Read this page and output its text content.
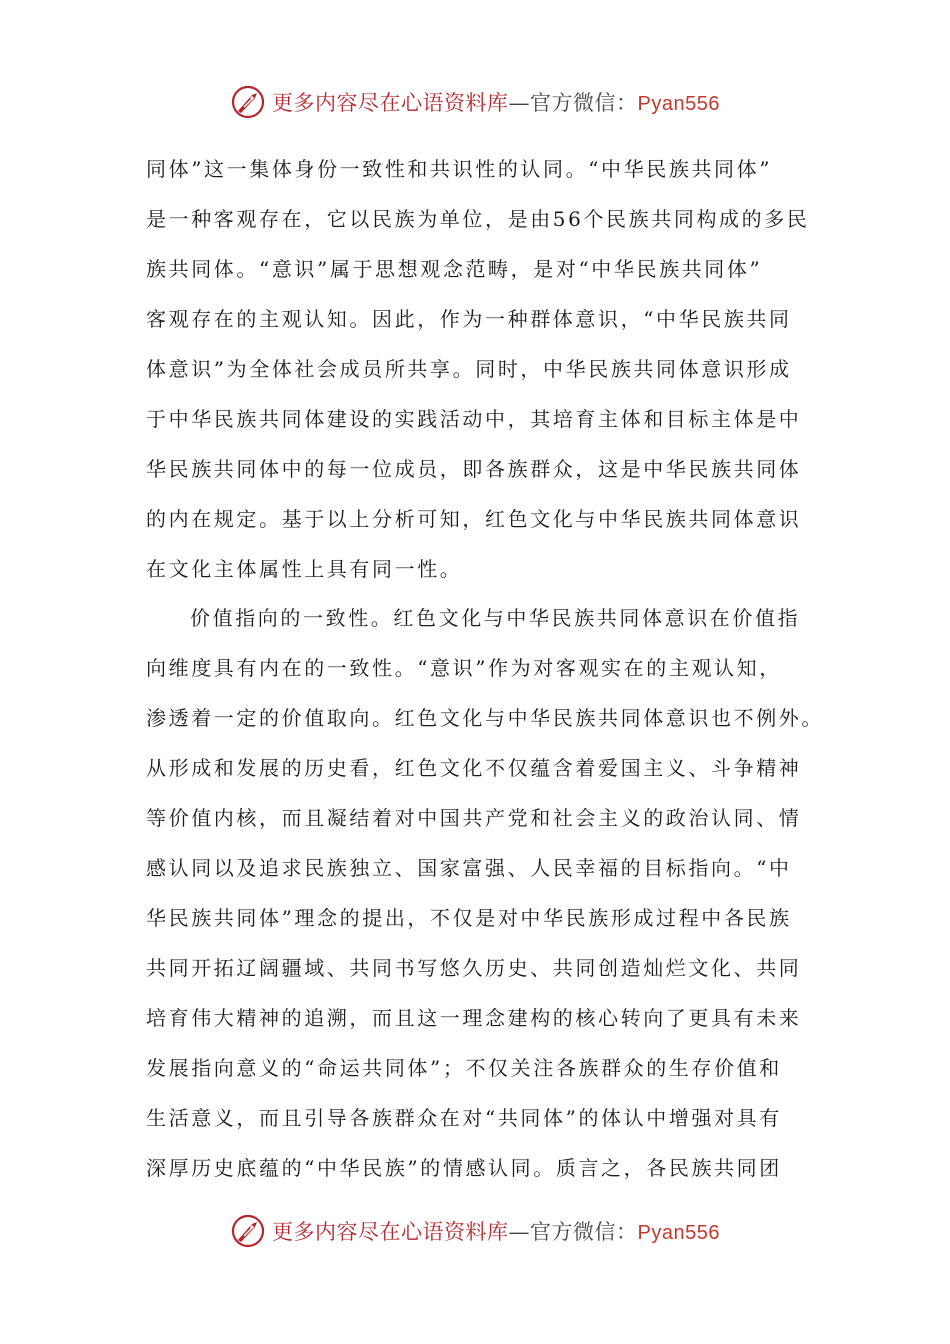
更多内容尽在心语资料库—官方微信：Pyan556
同体”这一集体身份一致性和共识性的认同。“中华民族共同体”
是一种客观存在，它以民族为单位，是由56个民族共同构成的多民
族共同体。“意识”属于思想观念范畴，是对“中华民族共同体”
客观存在的主观认知。因此，作为一种群体意识，“中华民族共同
体意识”为全体社会成员所共享。同时，中华民族共同体意识形成
于中华民族共同体建设的实践活动中，其培育主体和目标主体是中
华民族共同体中的每一位成员，即各族群众，这是中华民族共同体
的内在规定。基于以上分析可知，红色文化与中华民族共同体意识
在文化主体属性上具有同一性。
价值指向的一致性。红色文化与中华民族共同体意识在价值指
向维度具有内在的一致性。“意识”作为对客观实在的主观认知，
渗透着一定的价值取向。红色文化与中华民族共同体意识也不例外。
从形成和发展的历史看，红色文化不仅蕴含着爱国主义、斗争精神
等价值内核，而且凝结着对中国共产党和社会主义的政治认同、情
感认同以及追求民族独立、国家富强、人民幸福的目标指向。“中
华民族共同体”理念的提出，不仅是对中华民族形成过程中各民族
共同开拓辽阔疆域、共同书写悠久历史、共同创造灿烂文化、共同
培育伟大精神的追溯，而且这一理念建构的核心转向了更具有未来
发展指向意义的“命运共同体”；不仅关注各族群众的生存价值和
生活意义，而且引导各族群众在对“共同体”的体认中增强对具有
深厚历史底蕴的“中华民族”的情感认同。质言之，各民族共同团
更多内容尽在心语资料库—官方微信：Pyan556
